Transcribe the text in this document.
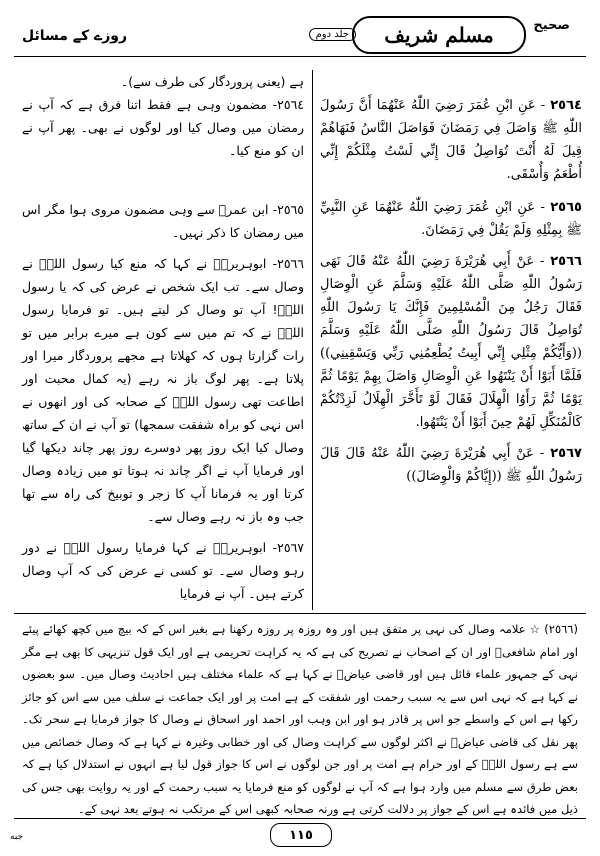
روزے کے مسائل	جلد دوم	مسلم شریف	صحیح

٢٥٦٤ - عَنِ ابْنِ عُمَرَ رَضِيَ اللّٰهُ عَنْهُمَا أَنَّ رَسُولَ اللّٰهِ ﷺ وَاصَلَ فِي رَمَضَانَ فَوَاصَلَ النَّاسُ فَنَهَاهُمْ قِيلَ لَهُ أَنْتَ تُوَاصِلُ قَالَ إِنِّي لَسْتُ مِثْلَكُمْ إِنِّي أُطْعَمُ وَأُسْقَى.

٢٥٦٥ - عَنِ ابْنِ عُمَرَ رَضِيَ اللّٰهُ عَنْهُمَا عَنِ النَّبِيِّ ﷺ بِمِثْلِهِ وَلَمْ يَقُلْ فِي رَمَضَانَ.

٢٥٦٦ - عَنْ أَبِي هُرَيْرَةَ رَضِيَ اللّٰهُ عَنْهُ قَالَ نَهَى رَسُولُ اللّٰهِ صَلَّى اللّٰهُ عَلَيْهِ وَسَلَّمَ عَنِ الْوِصَالِ فَقَالَ رَجُلٌ مِنَ الْمُسْلِمِينَ فَإِنَّكَ يَا رَسُولَ اللّٰهِ تُوَاصِلُ قَالَ رَسُولُ اللّٰهِ صَلَّى اللّٰهُ عَلَيْهِ وَسَلَّمَ ((وَأَيُّكُمْ مِثْلِي إِنِّي أَبِيتُ يُطْعِمُنِي رَبِّي وَيَسْقِينِي)) فَلَمَّا أَبَوْا أَنْ يَنْتَهُوا عَنِ الْوِصَالِ وَاصَلَ بِهِمْ يَوْمًا ثُمَّ يَوْمًا ثُمَّ رَأَوُا الْهِلَالَ فَقَالَ لَوْ تَأَخَّرَ الْهِلَالُ لَزِدْتُكُمْ كَالْمُنَكِّلِ لَهُمْ حِينَ أَبَوْا أَنْ يَنْتَهُوا.

٢٥٦٧ - عَنْ أَبِي هُرَيْرَةَ رَضِيَ اللّٰهُ عَنْهُ قَالَ قَالَ رَسُولُ اللّٰهِ ﷺ ((إِيَّاكُمْ وَالْوِصَالَ))

ہے (یعنی پروردگار کی طرف سے)۔

٢٥٦٤- مضمون وہی ہے فقط اتنا فرق ہے کہ آپ نے رمضان میں وصال کیا اور لوگوں نے بھی۔ پھر آپ نے ان کو منع کیا۔

٢٥٦٥- ابن عمرؓ سے وہی مضمون مروی ہوا مگر اس میں رمضان کا ذکر نہیں۔

٢٥٦٦- ابوہریرہؓ نے کہا کہ منع کیا رسول اللہؐ نے وصال سے۔ تب ایک شخص نے عرض کی کہ یا رسول اللہؐ! آپ تو وصال کر لیتے ہیں۔ تو فرمایا رسول اللہؐ نے کہ تم میں سے کون ہے میرے برابر میں تو رات گزارتا ہوں کہ کھلاتا ہے مجھے پروردگار میرا اور پلاتا ہے۔ پھر لوگ باز نہ رہے (یہ کمال محبت اور اطاعت تھی رسول اللہؐ کے صحابہ کی اور انھوں نے اس نہی کو براہ شفقت سمجھا) تو آپ نے ان کے ساتھ وصال کیا ایک روز پھر دوسرے روز پھر چاند دیکھا گیا اور فرمایا آپ نے اگر چاند نہ ہوتا تو میں زیادہ وصال کرتا اور یہ فرمانا آپ کا زجر و توبیخ کی راہ سے تھا جب وہ باز نہ رہے وصال سے۔

٢٥٦٧- ابوہریرہؓ نے کہا فرمایا رسول اللہؐ نے دور رہو وصال سے۔ تو کسی نے عرض کی کہ آپ وصال کرتے ہیں۔ آپ نے فرمایا

(٢٥٦٦) ☆ علامہ وصال کی نہی پر متفق ہیں اور وہ روزہ پر روزہ رکھنا ہے بغیر اس کے کہ بیچ میں کچھ کھائے پیئے اور امام شافعیؒ اور ان کے اصحاب نے تصریح کی ہے کہ یہ کراہت تحریمی ہے اور ایک قول تنزیہی کا بھی ہے مگر نہی کے جمہور علماء قائل ہیں اور قاضی عیاضؒ نے کہا ہے کہ علماء مختلف ہیں احادیث وصال میں۔ سو بعضوں نے کہا ہے کہ نہی اس سے یہ سبب رحمت اور شفقت کے ہے امت پر اور ایک جماعت نے سلف میں سے اس کو جائز رکھا ہے اس کے واسطے جو اس پر قادر ہو اور ابن وہب اور احمد اور اسحاق نے وصال کا جواز فرمایا ہے سحر تک۔ پھر نقل کی قاضی عیاضؒ نے اکثر لوگوں سے کراہت وصال کی اور خطابی وغیرہ نے کہا ہے کہ وصال خصائص میں سے ہے رسول اللہؐ کے اور حرام ہے امت پر اور جن لوگوں نے اس کا جواز قول لیا ہے انہوں نے استدلال کیا ہے کہ بعض طرق سے مسلم میں وارد ہوا ہے کہ آپ نے لوگوں کو منع فرمایا یہ سبب رحمت کے اور یہ روایت بھی جس کی ذیل میں فائدہ ہے اس کے جواز پر دلالت کرتی ہے ورنہ صحابہ کبھی اس کے مرتکب نہ ہوتے بعد نہی کے۔

١١٥
جبه
